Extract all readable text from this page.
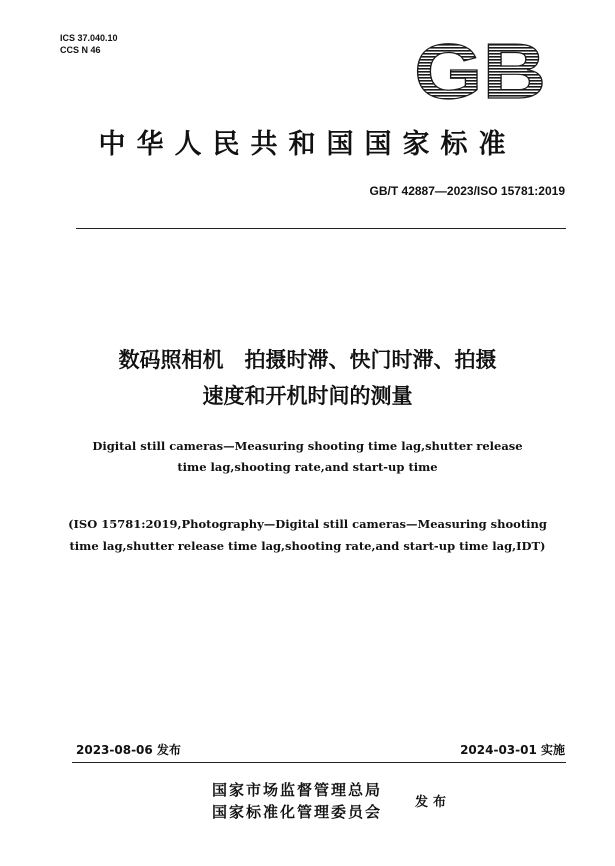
ICS 37.040.10
CCS N 46	GB
中华人民共和国国家标准
GB/T 42887—2023/ISO 15781:2019
数码照相机　拍摄时滞、快门时滞、拍摄
速度和开机时间的测量
Digital still cameras—Measuring shooting time lag,shutter release
time lag,shooting rate,and start-up time
(ISO 15781:2019,Photography—Digital still cameras—Measuring shooting
time lag,shutter release time lag,shooting rate,and start-up time lag,IDT)
2023-08-06 发布	2024-03-01 实施
国家市场监督管理总局
国家标准化管理委员会
发布
